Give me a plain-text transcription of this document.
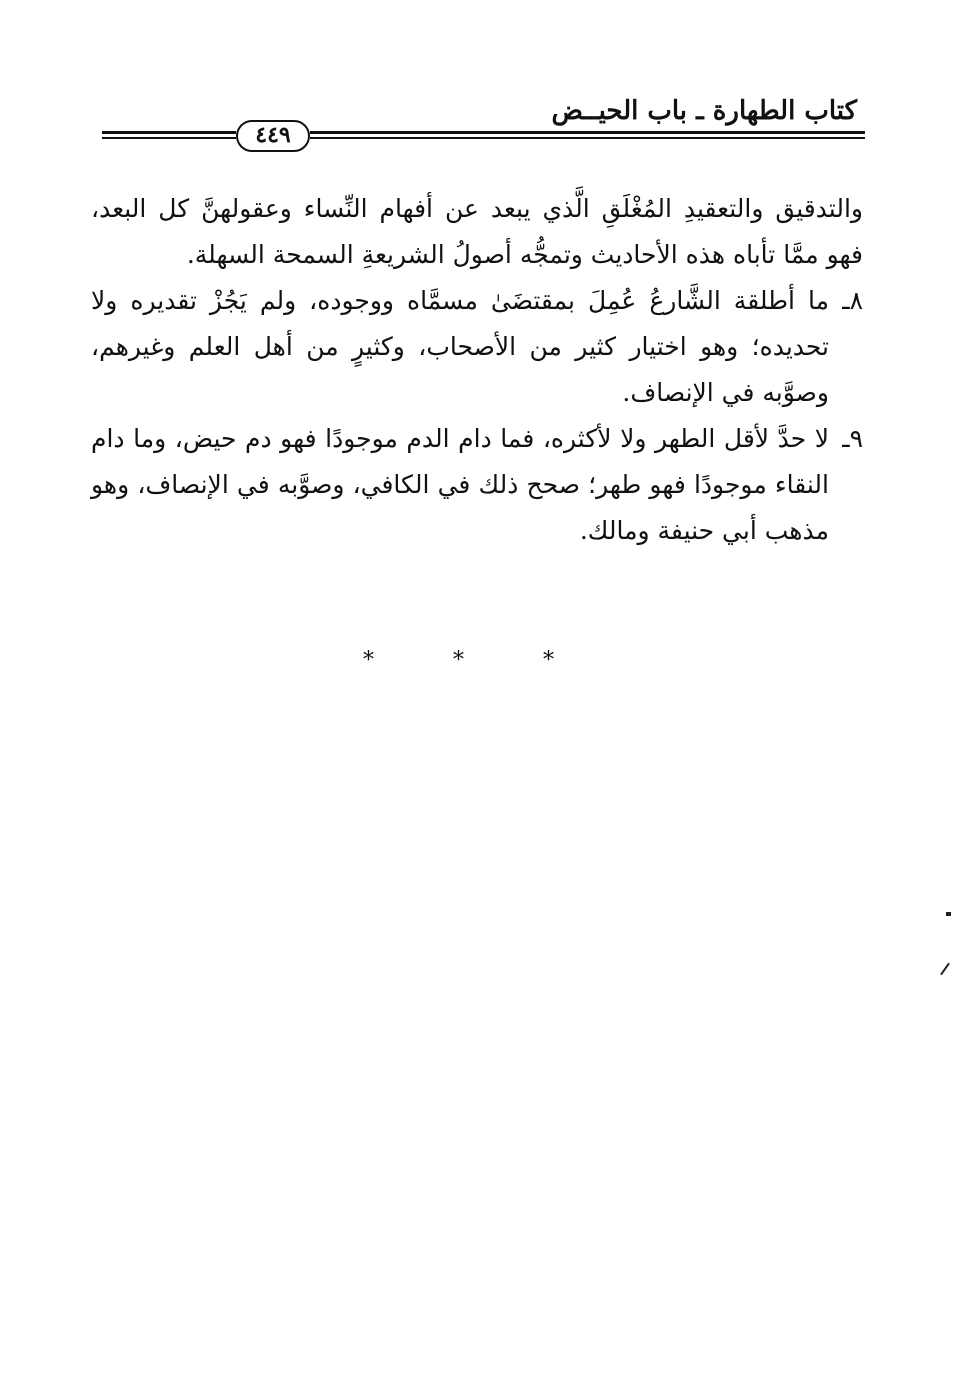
كتاب الطهارة ـ باب الحيــض
٤٤٩

والتدقيق والتعقيدِ المُغْلَقِ الَّذي يبعد عن أفهام النِّساء وعقولهنَّ كل البعد، فهو ممَّا تأباه هذه الأحاديث وتمجُّه أصولُ الشريعةِ السمحة السهلة.

٨ـ
ما أطلقة الشَّارعُ عُمِلَ بمقتضَىٰ مسمَّاه ووجوده، ولم يَجُزْ تقديره ولا تحديده؛ وهو اختيار كثير من الأصحاب، وكثيرٍ من أهل العلم وغيرهم، وصوَّبه في الإنصاف.

٩ـ
لا حدَّ لأقل الطهر ولا لأكثره، فما دام الدم موجودًا فهو دم حيض، وما دام النقاء موجودًا فهو طهر؛ صحح ذلك في الكافي، وصوَّبه في الإنصاف، وهو مذهب أبي حنيفة ومالك.

* * *
